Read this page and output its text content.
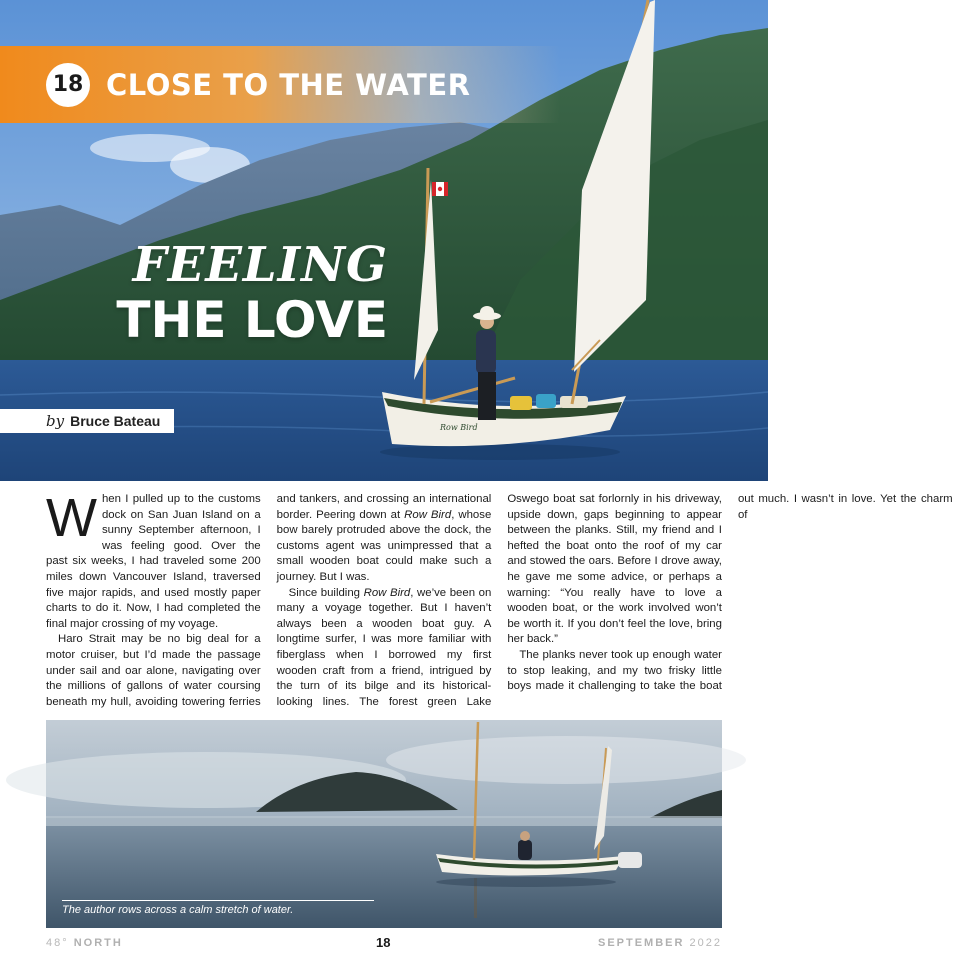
Row Bird
18 CLOSE TO THE WATER
FEELING
THE LOVE
by Bruce Bateau

When I pulled up to the customs dock on San Juan Island on a sunny September afternoon, I was feeling good. Over the past six weeks, I had traveled some 200 miles down Vancouver Island, traversed five major rapids, and used mostly paper charts to do it. Now, I had completed the final major crossing of my voyage.

Haro Strait may be no big deal for a motor cruiser, but I’d made the passage under sail and oar alone, navigating over the millions of gallons of water coursing beneath my hull, avoiding towering ferries and tankers, and crossing an international border. Peering down at Row Bird, whose bow barely protruded above the dock, the customs agent was unimpressed that a small wooden boat could make such a journey. But I was.

Since building Row Bird, we’ve been on many a voyage together. But I haven’t always been a wooden boat guy. A longtime surfer, I was more familiar with fiberglass when I borrowed my first wooden craft from a friend, intrigued by the turn of its bilge and its historical-looking lines. The forest green Lake Oswego boat sat forlornly in his driveway, upside down, gaps beginning to appear between the planks. Still, my friend and I hefted the boat onto the roof of my car and stowed the oars. Before I drove away, he gave me some advice, or perhaps a warning: “You really have to love a wooden boat, or the work involved won’t be worth it. If you don’t feel the love, bring her back.”

The planks never took up enough water to stop leaking, and my two frisky little boys made it challenging to take the boat out much. I wasn’t in love. Yet the charm of

The author rows across a calm stretch of water.
48° NORTH	18	SEPTEMBER 2022
